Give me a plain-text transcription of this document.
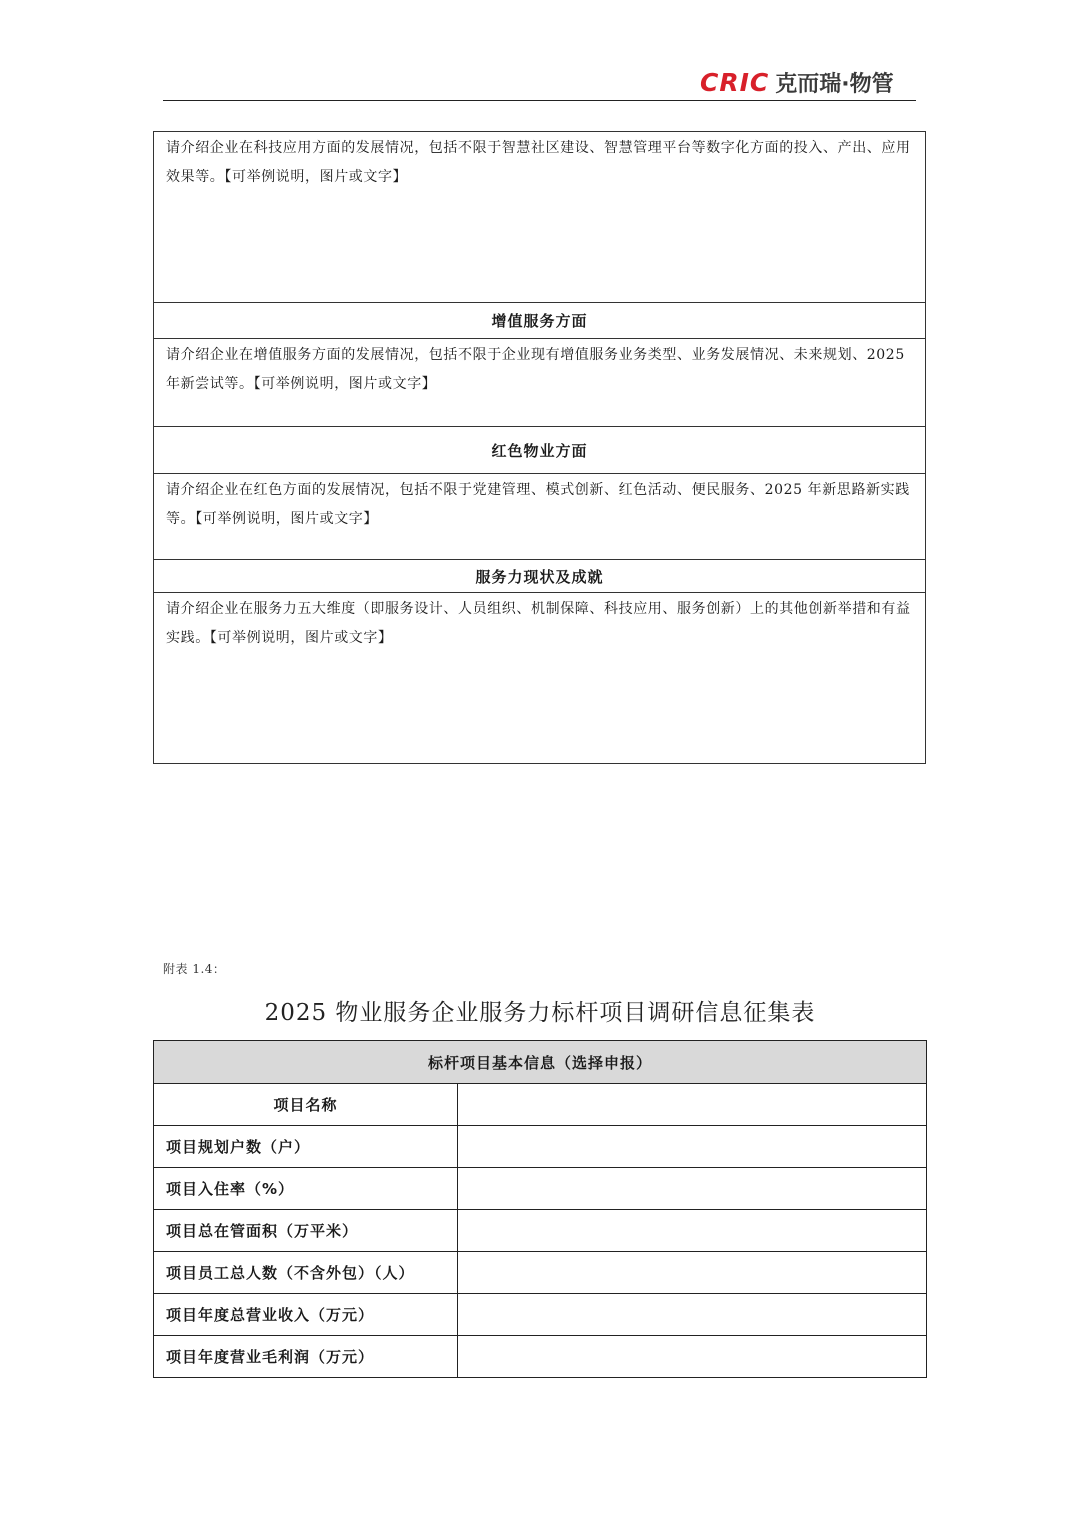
CRIC 克而瑞·物管
请介绍企业在科技应用方面的发展情况，包括不限于智慧社区建设、智慧管理平台等数字化方面的投入、产出、应用效果等。【可举例说明，图片或文字】
增值服务方面
请介绍企业在增值服务方面的发展情况，包括不限于企业现有增值服务业务类型、业务发展情况、未来规划、2025 年新尝试等。【可举例说明，图片或文字】
红色物业方面
请介绍企业在红色方面的发展情况，包括不限于党建管理、模式创新、红色活动、便民服务、2025 年新思路新实践等。【可举例说明，图片或文字】
服务力现状及成就
请介绍企业在服务力五大维度（即服务设计、人员组织、机制保障、科技应用、服务创新）上的其他创新举措和有益实践。【可举例说明，图片或文字】
附表 1.4：
2025 物业服务企业服务力标杆项目调研信息征集表
标杆项目基本信息（选择申报）	
项目名称	
项目规划户数（户）	
项目入住率（%）	
项目总在管面积（万平米）	
项目员工总人数（不含外包）（人）	
项目年度总营业收入（万元）	
项目年度营业毛利润（万元）	
